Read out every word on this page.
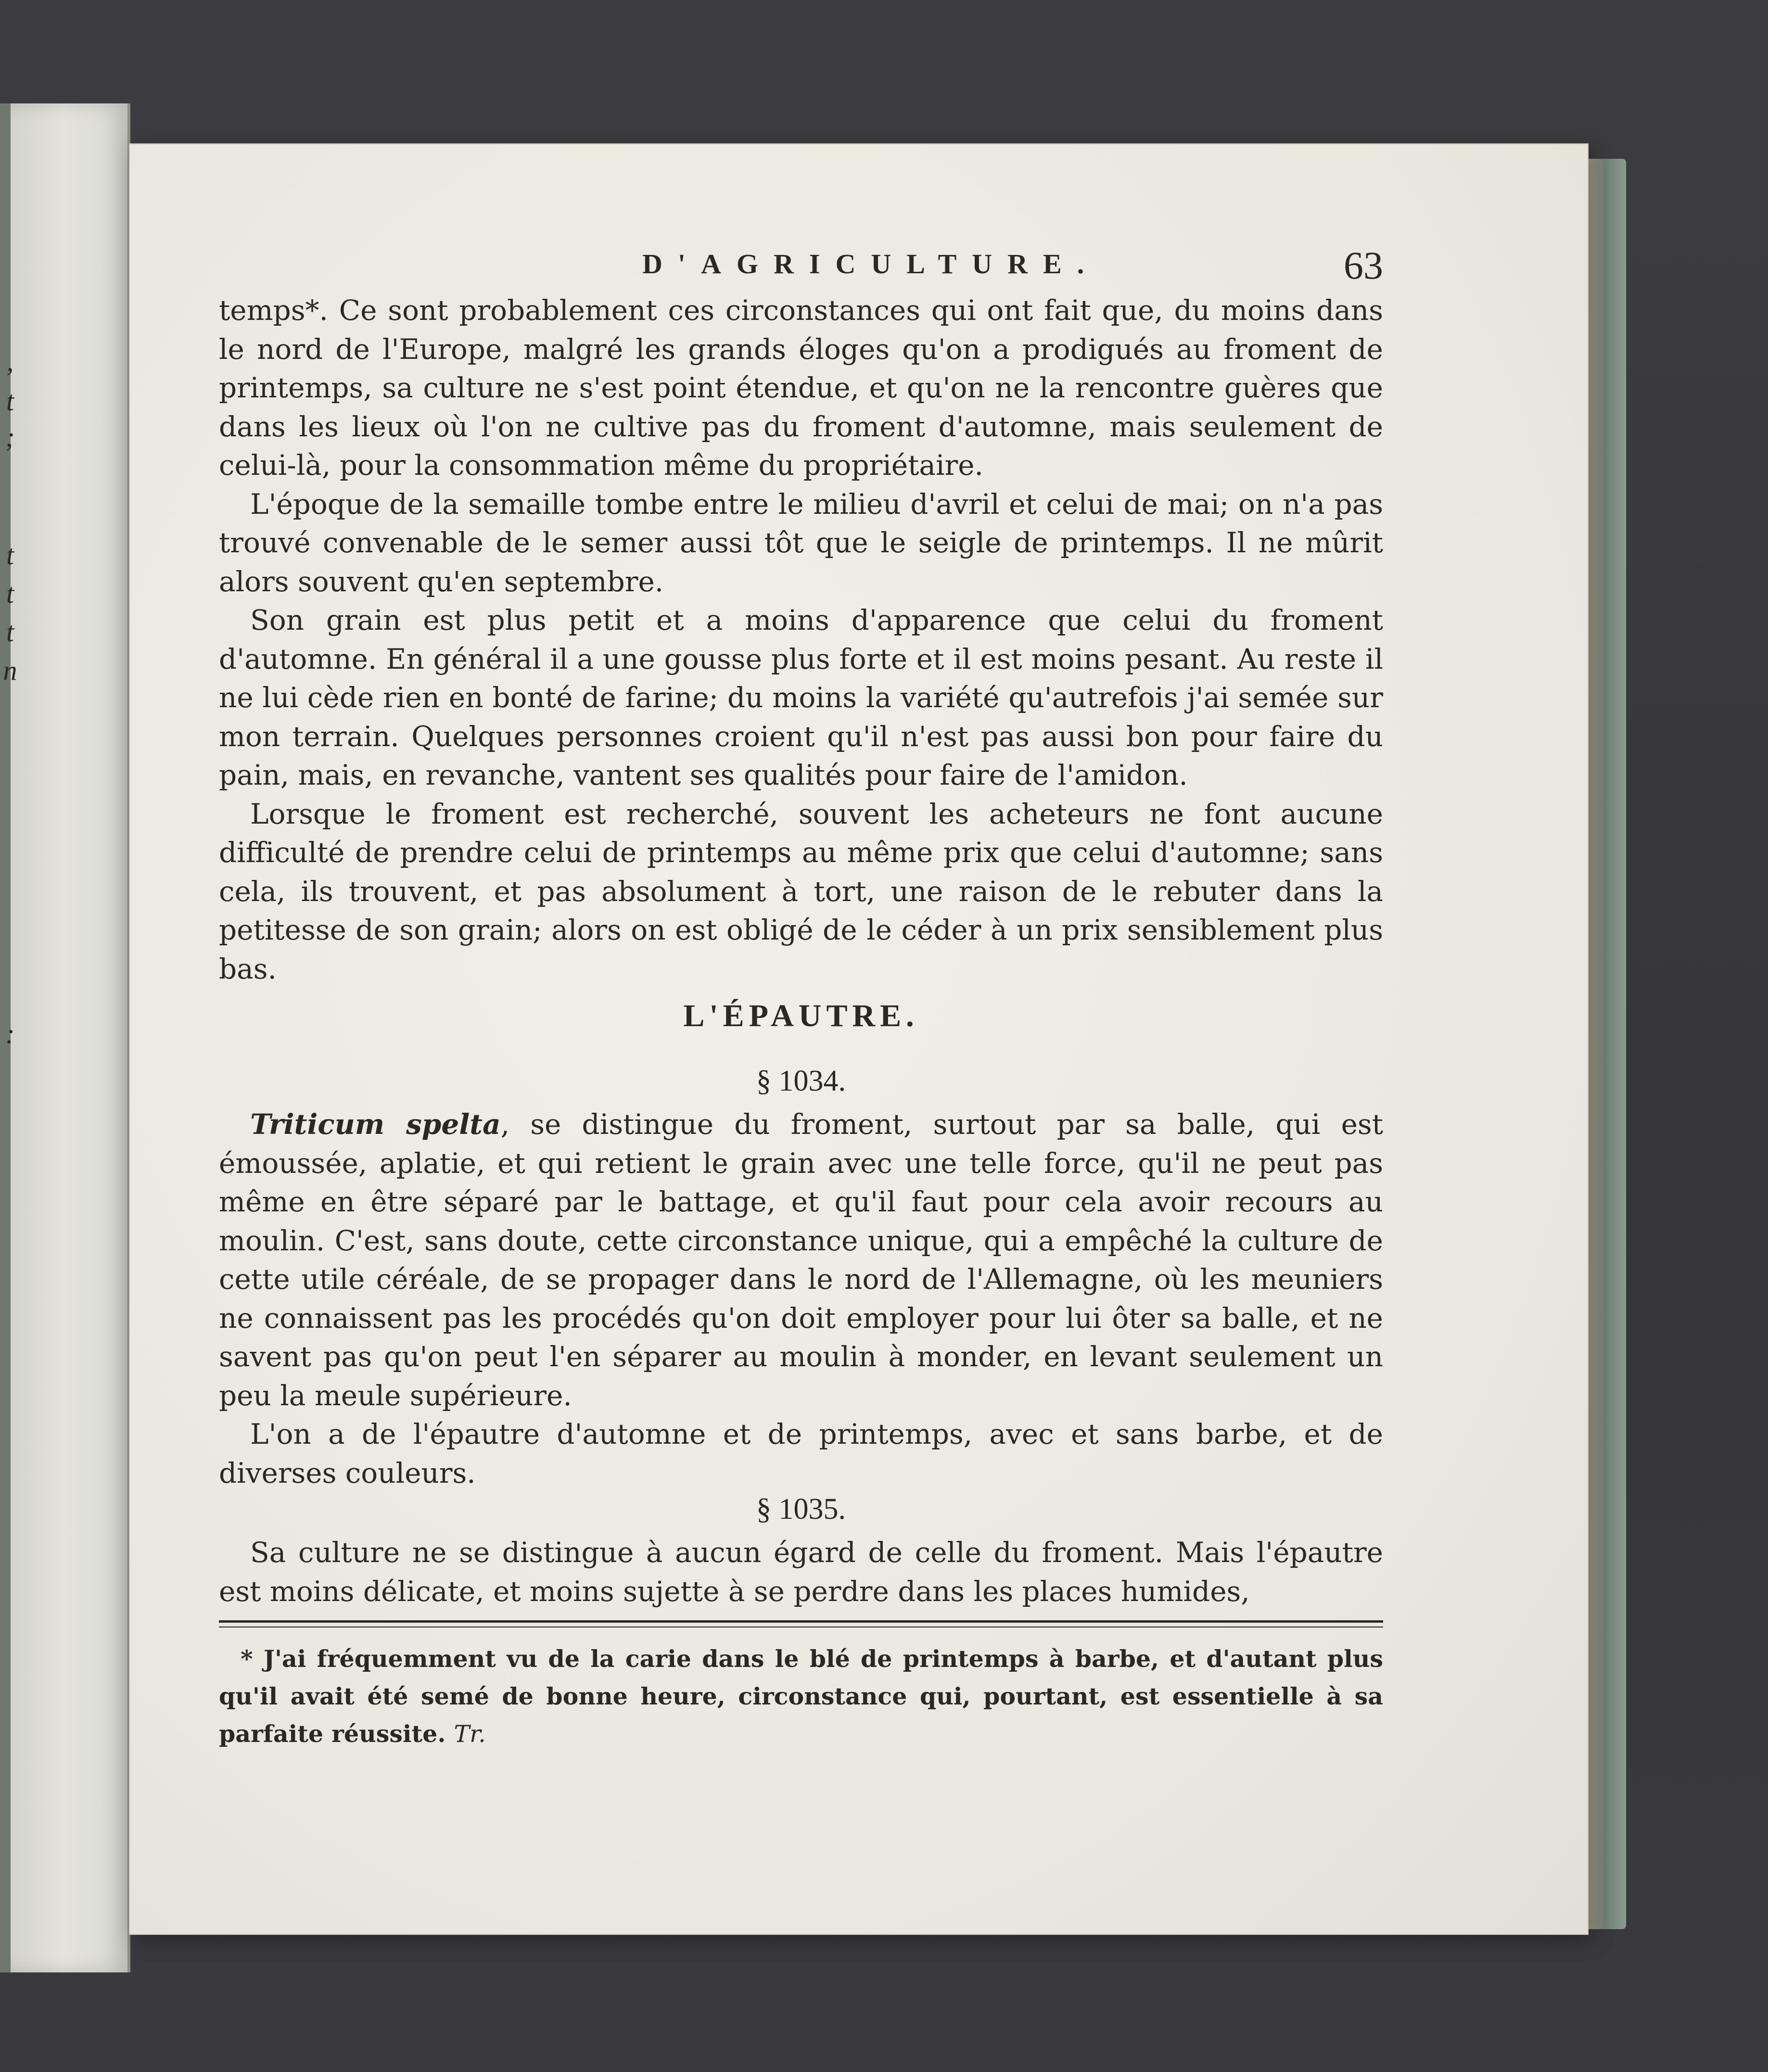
,
t
;
t
t
t
n
:
D'AGRICULTURE.	63

temps*. Ce sont probablement ces circonstances qui ont fait que, du moins dans le nord de l'Europe, malgré les grands éloges qu'on a prodigués au froment de printemps, sa culture ne s'est point étendue, et qu'on ne la rencontre guères que dans les lieux où l'on ne cultive pas du froment d'automne, mais seulement de celui-là, pour la consommation même du propriétaire.

L'époque de la semaille tombe entre le milieu d'avril et celui de mai; on n'a pas trouvé convenable de le semer aussi tôt que le seigle de printemps. Il ne mûrit alors souvent qu'en septembre.

Son grain est plus petit et a moins d'apparence que celui du froment d'automne. En général il a une gousse plus forte et il est moins pesant. Au reste il ne lui cède rien en bonté de farine; du moins la variété qu'autrefois j'ai semée sur mon terrain. Quelques personnes croient qu'il n'est pas aussi bon pour faire du pain, mais, en revanche, vantent ses qualités pour faire de l'amidon.

Lorsque le froment est recherché, souvent les acheteurs ne font aucune difficulté de prendre celui de printemps au même prix que celui d'automne; sans cela, ils trouvent, et pas absolument à tort, une raison de le rebuter dans la petitesse de son grain; alors on est obligé de le céder à un prix sensiblement plus bas.

L'ÉPAUTRE.
§ 1034.

Triticum spelta, se distingue du froment, surtout par sa balle, qui est émoussée, aplatie, et qui retient le grain avec une telle force, qu'il ne peut pas même en être séparé par le battage, et qu'il faut pour cela avoir recours au moulin. C'est, sans doute, cette circonstance unique, qui a empêché la culture de cette utile céréale, de se propager dans le nord de l'Allemagne, où les meuniers ne connaissent pas les procédés qu'on doit employer pour lui ôter sa balle, et ne savent pas qu'on peut l'en séparer au moulin à monder, en levant seulement un peu la meule supérieure.

L'on a de l'épautre d'automne et de printemps, avec et sans barbe, et de diverses couleurs.

§ 1035.

Sa culture ne se distingue à aucun égard de celle du froment. Mais l'épautre est moins délicate, et moins sujette à se perdre dans les places humides,

* J'ai fréquemment vu de la carie dans le blé de printemps à barbe, et d'autant plus qu'il avait été semé de bonne heure, circonstance qui, pourtant, est essentielle à sa parfaite réussite. Tr.
